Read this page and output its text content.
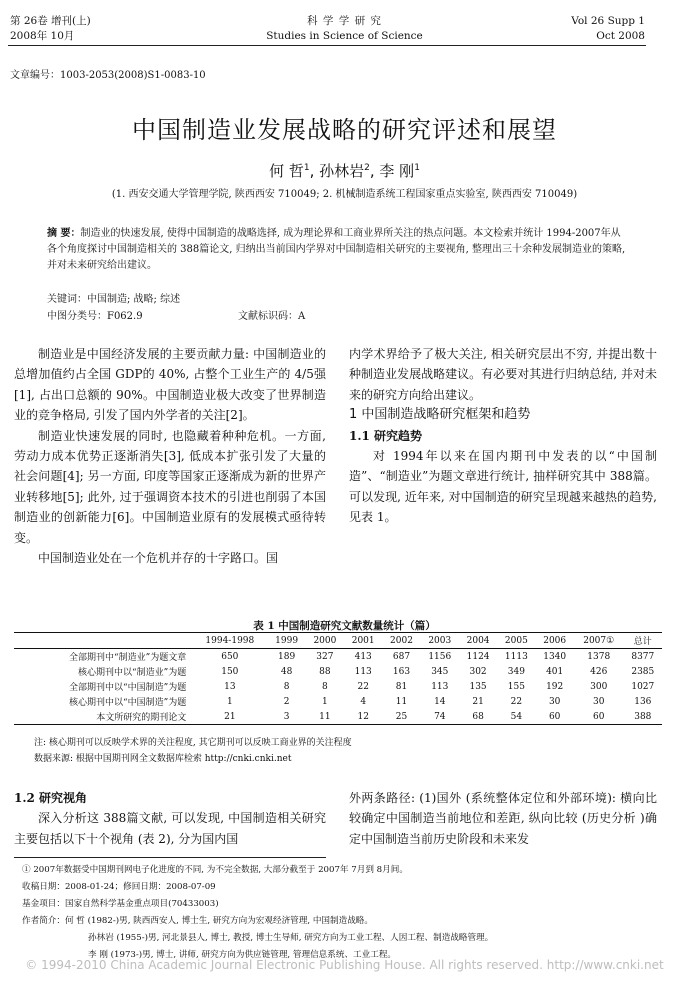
第 26卷 增刊(上)
2008年 10月
科 学 学 研 究
Studies in Science of Science
Vol 26 Supp 1
Oct 2008
文章编号：1003-2053(2008)S1-0083-10
中国制造业发展战略的研究评述和展望
何 哲$^1$, 孙林岩$^2$, 李 刚$^1$
(1. 西安交通大学管理学院, 陕西西安 710049; 2. 机械制造系统工程国家重点实验室, 陕西西安 710049)
摘 要：制造业的快速发展, 使得中国制造的战略选择, 成为理论界和工商业界所关注的热点问题。本文检索并统计 1994-2007年从各个角度探讨中国制造相关的 388篇论文, 归纳出当前国内学界对中国制造相关研究的主要视角, 整理出三十余种发展制造业的策略, 并对未来研究给出建议。
关键词：中国制造; 战略; 综述
中图分类号：F062.9	文献标识码：A

制造业是中国经济发展的主要贡献力量: 中国制造业的总增加值约占全国 GDP的 40%, 占整个工业生产的 4/5强[1], 占出口总额的 90%。中国制造业极大改变了世界制造业的竞争格局, 引发了国内外学者的关注[2]。

制造业快速发展的同时, 也隐藏着种种危机。一方面, 劳动力成本优势正逐渐消失[3], 低成本扩张引发了大量的社会问题[4]; 另一方面, 印度等国家正逐渐成为新的世界产业转移地[5]; 此外, 过于强调资本技术的引进也削弱了本国制造业的创新能力[6]。中国制造业原有的发展模式亟待转变。

中国制造业处在一个危机并存的十字路口。国

内学术界给予了极大关注, 相关研究层出不穷, 并提出数十种制造业发展战略建议。有必要对其进行归纳总结, 并对未来的研究方向给出建议。

1 中国制造战略研究框架和趋势

1.1 研究趋势

对 1994年以来在国内期刊中发表的以“中国制造”、“制造业”为题文章进行统计, 抽样研究其中 388篇。可以发现, 近年来, 对中国制造的研究呈现越来越热的趋势, 见表 1。

表 1 中国制造研究文献数量统计（篇）
	1994-1998	1999	2000	2001	2002	2003	2004	2005	2006	2007①	总计
全部期刊中“制造业”为题文章	650	189	327	413	687	1156	1124	1113	1340	1378	8377
核心期刊中以“制造业”为题	150	48	88	113	163	345	302	349	401	426	2385
全部期刊中以“中国制造”为题	13	8	8	22	81	113	135	155	192	300	1027
核心期刊中以“中国制造”为题	1	2	1	4	11	14	21	22	30	30	136
本文所研究的期刊论文	21	3	11	12	25	74	68	54	60	60	388
注: 核心期刊可以反映学术界的关注程度, 其它期刊可以反映工商业界的关注程度
数据来源: 根据中国期刊网全文数据库检索 http://cnki.cnki.net

1.2 研究视角

深入分析这 388篇文献, 可以发现, 中国制造相关研究主要包括以下十个视角 (表 2), 分为国内国

外两条路径: (1)国外 (系统整体定位和外部环境): 横向比较确定中国制造当前地位和差距, 纵向比较 (历史分析 )确定中国制造当前历史阶段和未来发

① 2007年数据受中国期刊网电子化进度的不同, 为不完全数据, 大部分截至于 2007年 7月到 8月间。
收稿日期：2008-01-24；修回日期：2008-07-09
基金项目：国家自然科学基金重点项目(70433003)
作者简介：何 哲 (1982-)男, 陕西西安人, 博士生, 研究方向为宏观经济管理, 中国制造战略。
孙林岩 (1955-)男, 河北景县人, 博士, 教授, 博士生导师, 研究方向为工业工程、人因工程、制造战略管理。
李 刚 (1973-)男, 博士, 讲师, 研究方向为供应链管理, 管理信息系统、工业工程。
© 1994-2010 China Academic Journal Electronic Publishing House. All rights reserved. http://www.cnki.net
